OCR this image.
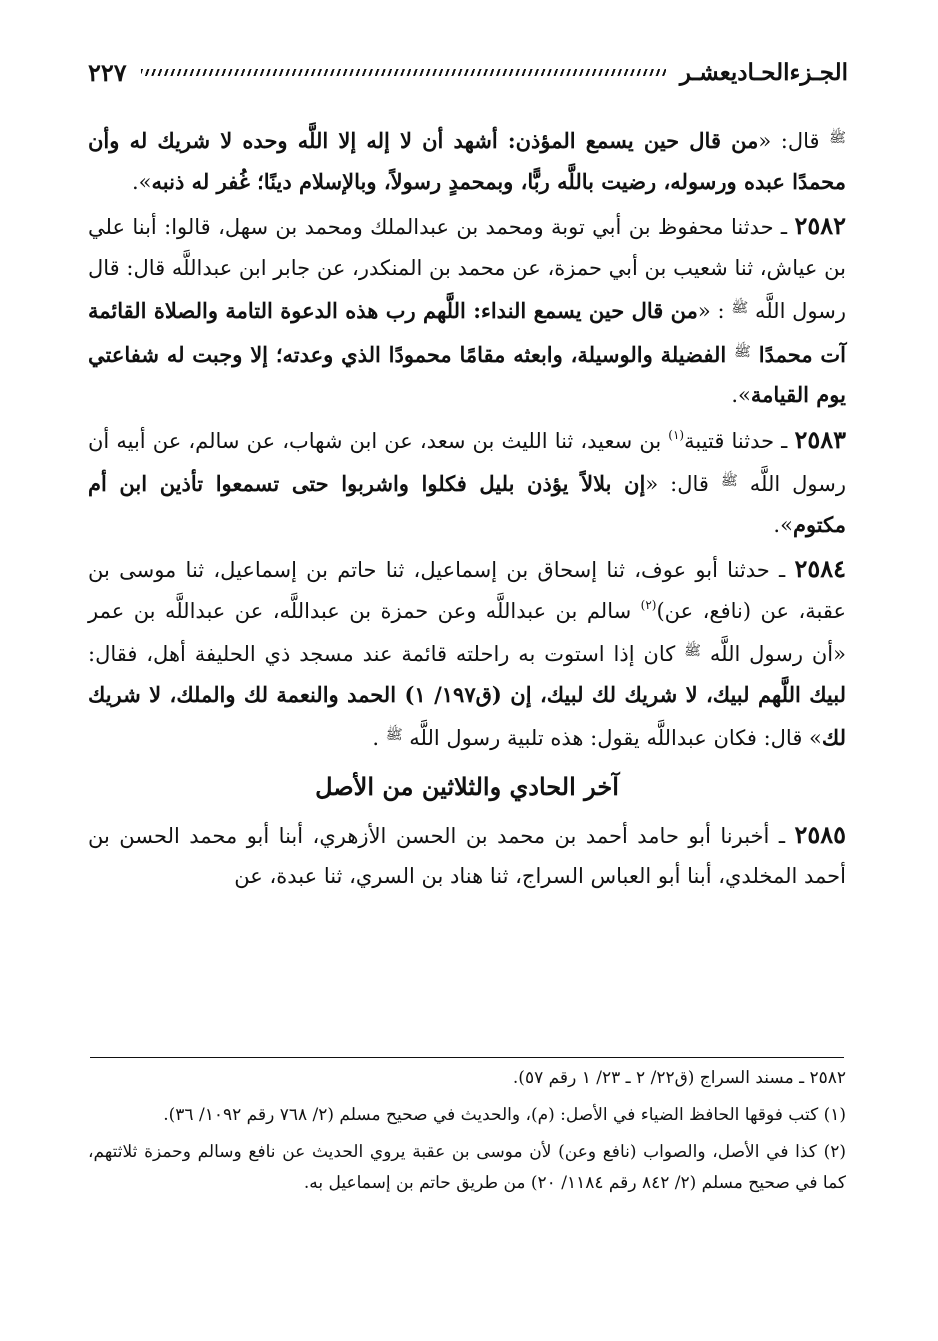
الجـزءالحـاديعشـر
٢٢٧

$^ﷺ$ قال: «من قال حين يسمع المؤذن: أشهد أن لا إله إلا اللَّه وحده لا شريك له وأن محمدًا عبده ورسوله، رضيت باللَّه ربًّا، وبمحمدٍ رسولاً، وبالإسلام دينًا؛ غُفر له ذنبه».

٢٥٨٢ ـ حدثنا محفوظ بن أبي توبة ومحمد بن عبدالملك ومحمد بن سهل، قالوا: أبنا علي بن عياش، ثنا شعيب بن أبي حمزة، عن محمد بن المنكدر، عن جابر ابن عبداللَّه قال: قال رسول اللَّه $^ﷺ$ : «من قال حين يسمع النداء: اللَّهم رب هذه الدعوة التامة والصلاة القائمة آت محمدًا $^ﷺ$ الفضيلة والوسيلة، وابعثه مقامًا محمودًا الذي وعدته؛ إلا وجبت له شفاعتي يوم القيامة».

٢٥٨٣ ـ حدثنا قتيبة$^{(١)}$ بن سعيد، ثنا الليث بن سعد، عن ابن شهاب، عن سالم، عن أبيه أن رسول اللَّه $^ﷺ$ قال: «إن بلالاً يؤذن بليل فكلوا واشربوا حتى تسمعوا تأذين ابن أم مكتوم».

٢٥٨٤ ـ حدثنا أبو عوف، ثنا إسحاق بن إسماعيل، ثنا حاتم بن إسماعيل، ثنا موسى بن عقبة، عن (نافع، عن)$^{(٢)}$ سالم بن عبداللَّه وعن حمزة بن عبداللَّه، عن عبداللَّه بن عمر «أن رسول اللَّه $^ﷺ$ كان إذا استوت به راحلته قائمة عند مسجد ذي الحليفة أهل، فقال: لبيك اللَّهم لبيك، لا شريك لك لبيك، إن (ق١٩٧/ ١) الحمد والنعمة لك والملك، لا شريك لك» قال: فكان عبداللَّه يقول: هذه تلبية رسول اللَّه $^ﷺ$ .

آخر الحادي والثلاثين من الأصل

٢٥٨٥ ـ أخبرنا أبو حامد أحمد بن محمد بن الحسن الأزهري، أبنا أبو محمد الحسن بن أحمد المخلدي، أبنا أبو العباس السراج، ثنا هناد بن السري، ثنا عبدة، عن

٢٥٨٢ ـ مسند السراج (ق٢٢/ ٢ ـ ٢٣/ ١ رقم ٥٧).

(١) كتب فوقها الحافظ الضياء في الأصل: (م)، والحديث في صحيح مسلم (٢/ ٧٦٨ رقم ١٠٩٢/ ٣٦).

(٢) كذا في الأصل، والصواب (نافع وعن) لأن موسى بن عقبة يروي الحديث عن نافع وسالم وحمزة ثلاثتهم، كما في صحيح مسلم (٢/ ٨٤٢ رقم ١١٨٤/ ٢٠) من طريق حاتم بن إسماعيل به.
